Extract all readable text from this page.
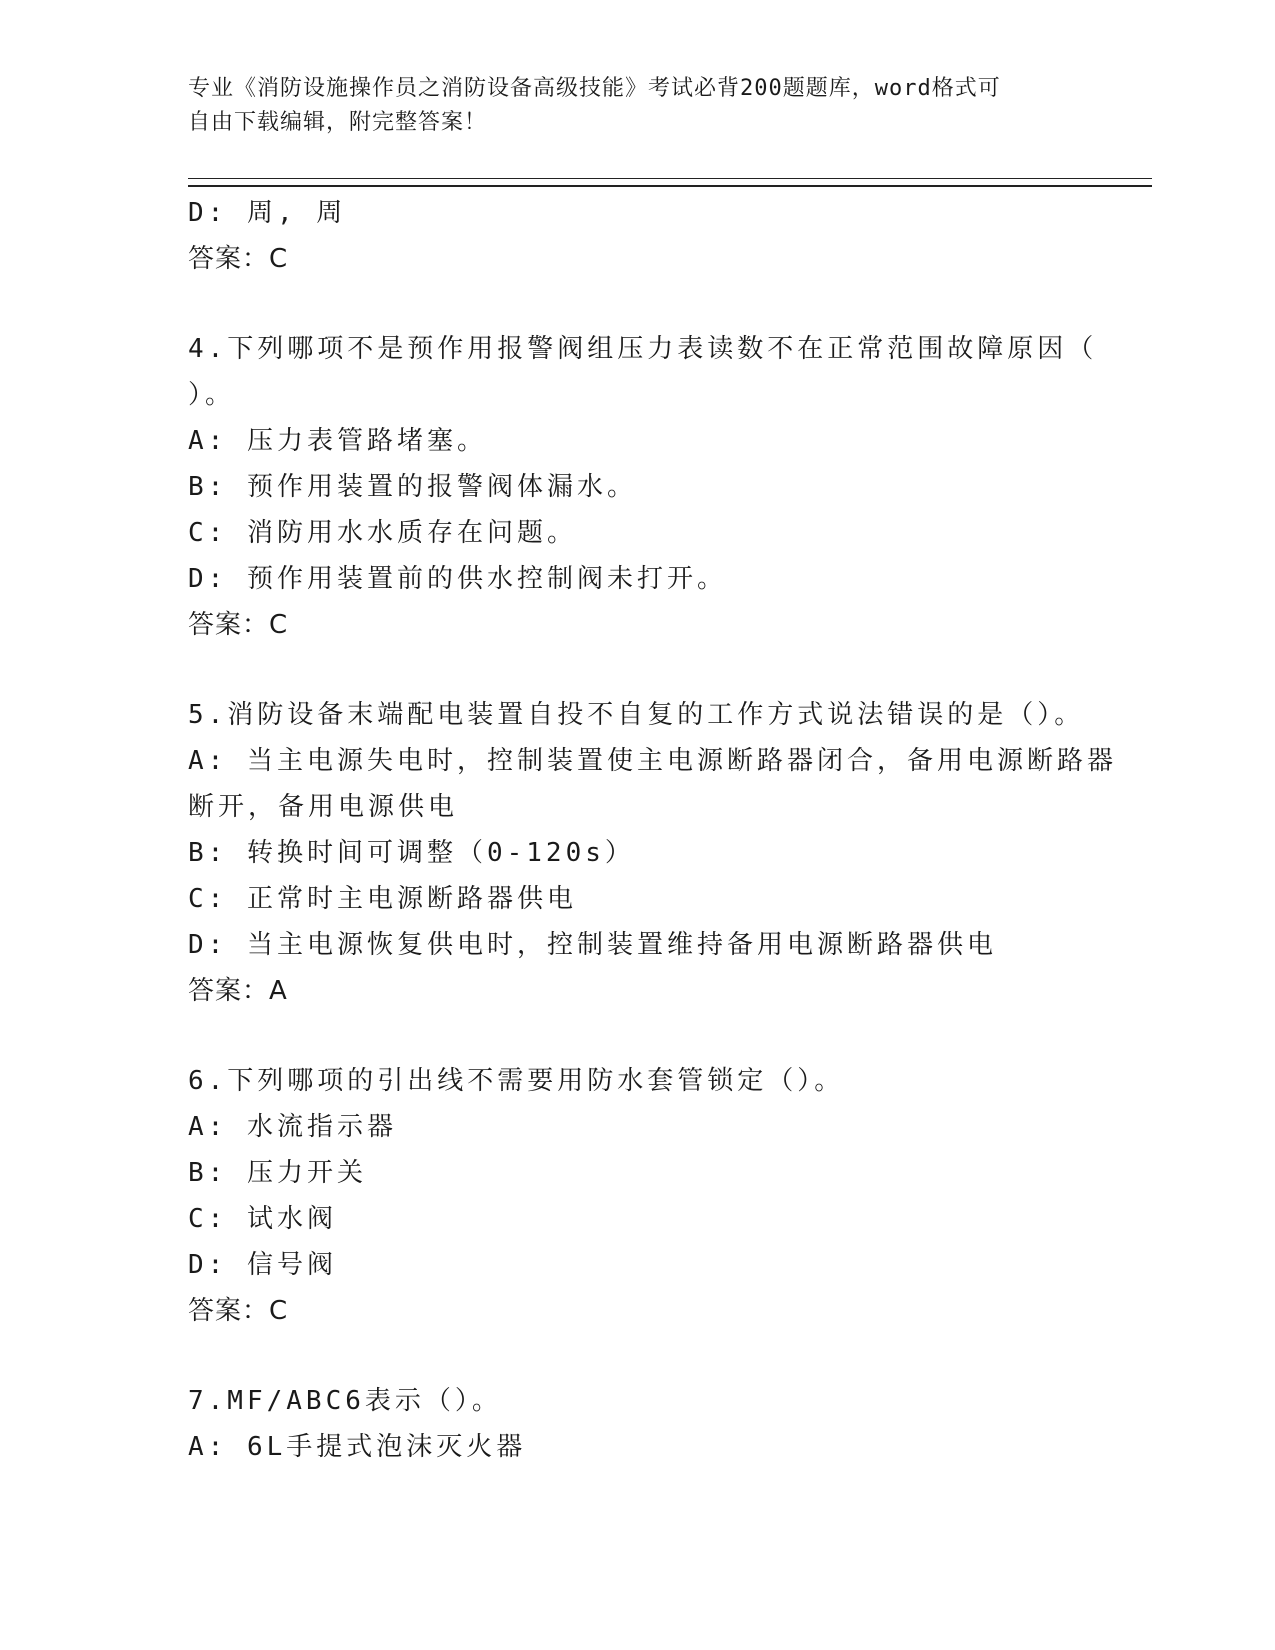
专业《消防设施操作员之消防设备高级技能》考试必背200题题库，word格式可
自由下载编辑，附完整答案！
D: 周, 周
答案：C
4.下列哪项不是预作用报警阀组压力表读数不在正常范围故障原因（
）。
A: 压力表管路堵塞。
B: 预作用装置的报警阀体漏水。
C: 消防用水水质存在问题。
D: 预作用装置前的供水控制阀未打开。
答案：C
5.消防设备末端配电装置自投不自复的工作方式说法错误的是（）。
A: 当主电源失电时，控制装置使主电源断路器闭合，备用电源断路器
断开，备用电源供电
B: 转换时间可调整（0-120s）
C: 正常时主电源断路器供电
D: 当主电源恢复供电时，控制装置维持备用电源断路器供电
答案：A
6.下列哪项的引出线不需要用防水套管锁定（）。
A: 水流指示器
B: 压力开关
C: 试水阀
D: 信号阀
答案：C
7.MF/ABC6表示（）。
A: 6L手提式泡沫灭火器
